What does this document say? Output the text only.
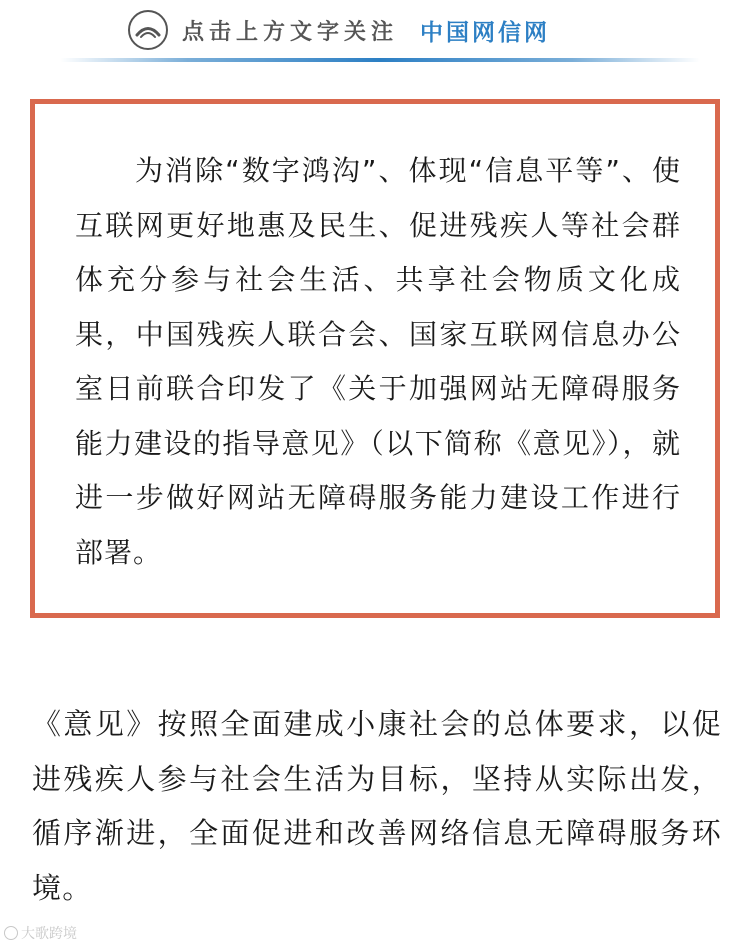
点击上方文字关注 中国网信网

为消除“数字鸿沟”、体现“信息平等”、使互联网更好地惠及民生、促进残疾人等社会群体充分参与社会生活、共享社会物质文化成果，中国残疾人联合会、国家互联网信息办公室日前联合印发了《关于加强网站无障碍服务能力建设的指导意见》（以下简称《意见》），就进一步做好网站无障碍服务能力建设工作进行部署。

《意见》按照全面建成小康社会的总体要求，以促进残疾人参与社会生活为目标，坚持从实际出发，循序渐进，全面促进和改善网络信息无障碍服务环境。

大歌跨境
